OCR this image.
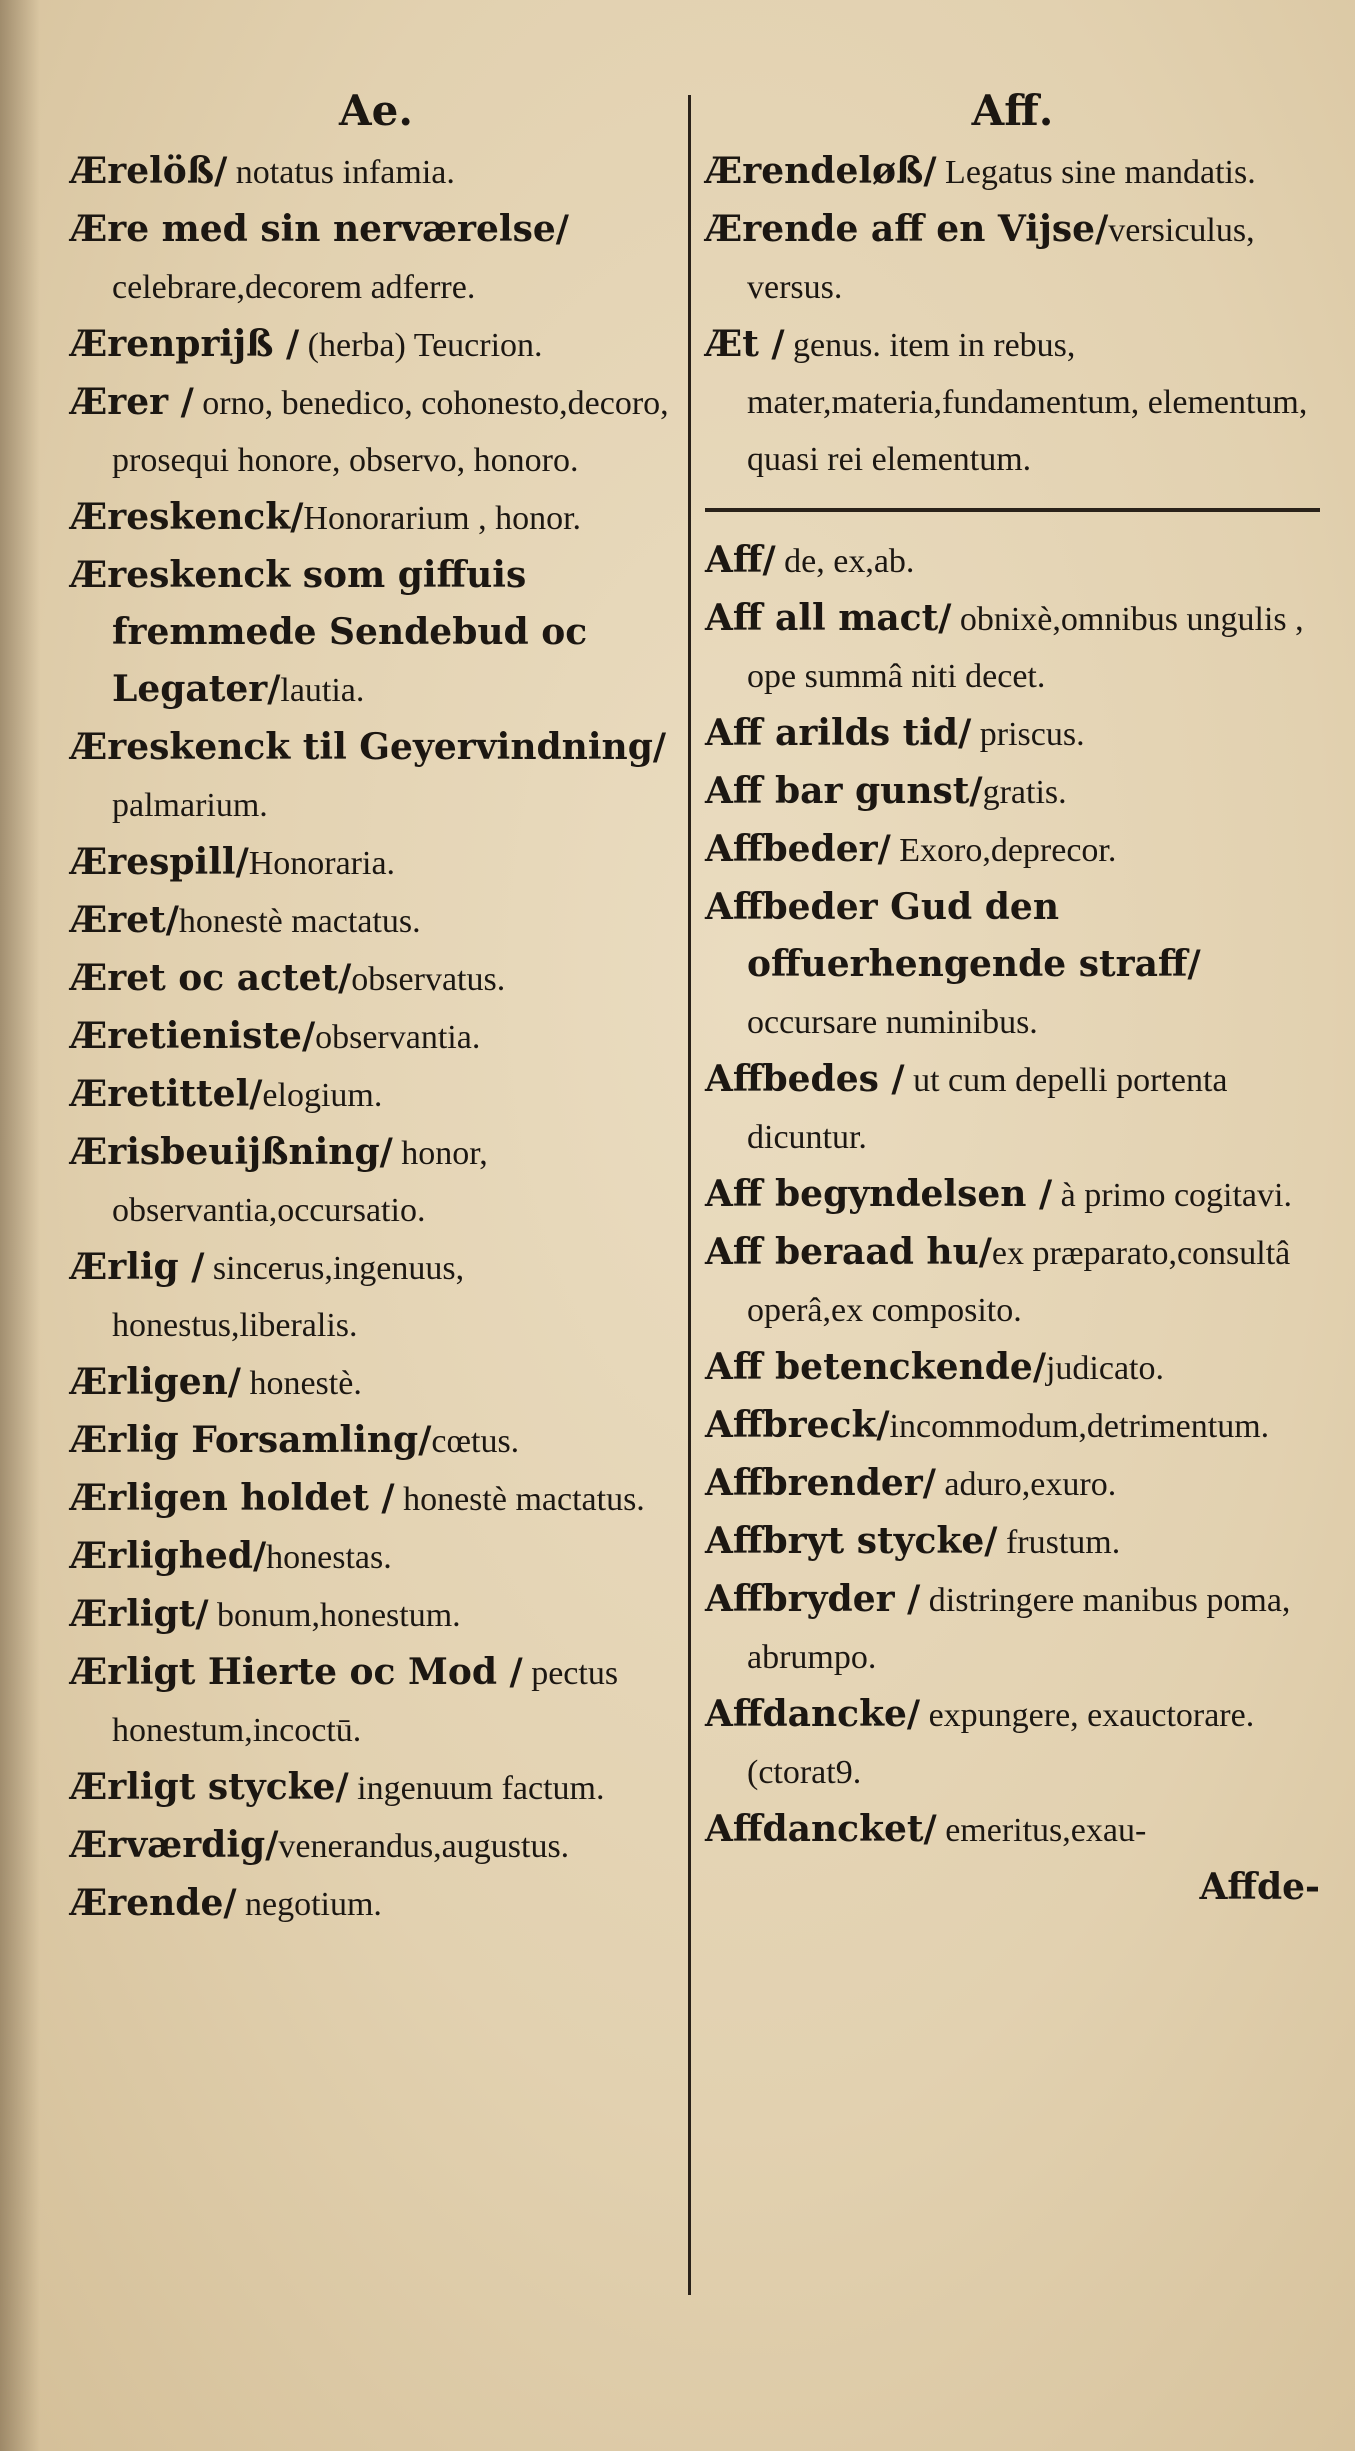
Ae.

Ærelöß/ notatus infamia.

Ære med sin nerværelse/ celebrare,decorem adferre.

Ærenprijß / (herba) Teucrion.

Ærer / orno, benedico, cohonesto,decoro, prosequi honore, observo, honoro.

Æreskenck/Honorarium , honor.

Æreskenck som giffuis fremmede Sendebud oc Legater/lautia.

Æreskenck til Geyervindning/ palmarium.

Ærespill/Honoraria.

Æret/honestè mactatus.

Æret oc actet/observatus.

Æretieniste/observantia.

Æretittel/elogium.

Ærisbeuijßning/ honor, observantia,occursatio.

Ærlig / sincerus,ingenuus, honestus,liberalis.

Ærligen/ honestè.

Ærlig Forsamling/cœtus.

Ærligen holdet / honestè mactatus.

Ærlighed/honestas.

Ærligt/ bonum,honestum.

Ærligt Hierte oc Mod / pectus honestum,incoctū.

Ærligt stycke/ ingenuum factum.

Ærværdig/venerandus,augustus.

Ærende/ negotium.

Aff.

Ærendeløß/ Legatus sine mandatis.

Ærende aff en Vijse/versiculus, versus.

Æt / genus. item in rebus, mater,materia,fundamentum, elementum, quasi rei elementum.

Aff/ de, ex,ab.

Aff all mact/ obnixè,omnibus ungulis , ope summâ niti decet.

Aff arilds tid/ priscus.

Aff bar gunst/gratis.

Affbeder/ Exoro,deprecor.

Affbeder Gud den offuerhengende straff/ occursare numinibus.

Affbedes / ut cum depelli portenta dicuntur.

Aff begyndelsen / à primo cogitavi.

Aff beraad hu/ex præparato,consultâ operâ,ex composito.

Aff betenckende/judicato.

Affbreck/incommodum,detrimentum.

Affbrender/ aduro,exuro.

Affbryt stycke/ frustum.

Affbryder / distringere manibus poma, abrumpo.

Affdancke/ expungere, exauctorare. (ctorat9.

Affdancket/ emeritus,exau-

Affde-
